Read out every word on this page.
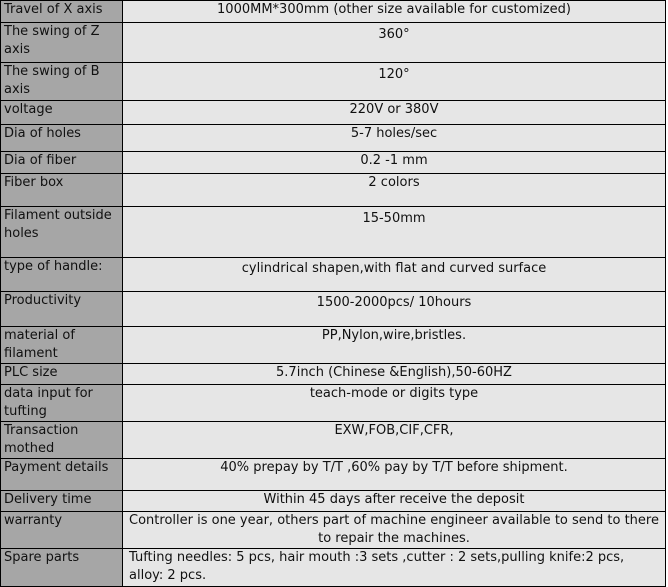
Travel of X axis	1000MM*300mm (other size available for customized)
The swing of Z axis	360°

The swing of B axis	120°

voltage	220V or 380V
Dia of holes	5-7 holes/sec
Dia of fiber	0.2 -1 mm
Fiber box	2 colors
Filament outside holes	15-50mm

type of handle:	cylindrical shapen,with flat and curved surface

Productivity	1500-2000pcs/ 10hours

material of filament	PP,Nylon,wire,bristles.
PLC size	5.7inch (Chinese &English),50-60HZ
data input for tufting	teach-mode or digits type
Transaction mothed	EXW,FOB,CIF,CFR,
Payment details	40% prepay by T/T ,60% pay by T/T before shipment.
Delivery time	Within 45 days after receive the deposit
warranty	Controller is one year, others part of machine engineer available to send to there to repair the machines.
Spare parts	Tufting needles: 5 pcs, hair mouth :3 sets ,cutter : 2 sets,pulling knife:2 pcs, alloy: 2 pcs.
